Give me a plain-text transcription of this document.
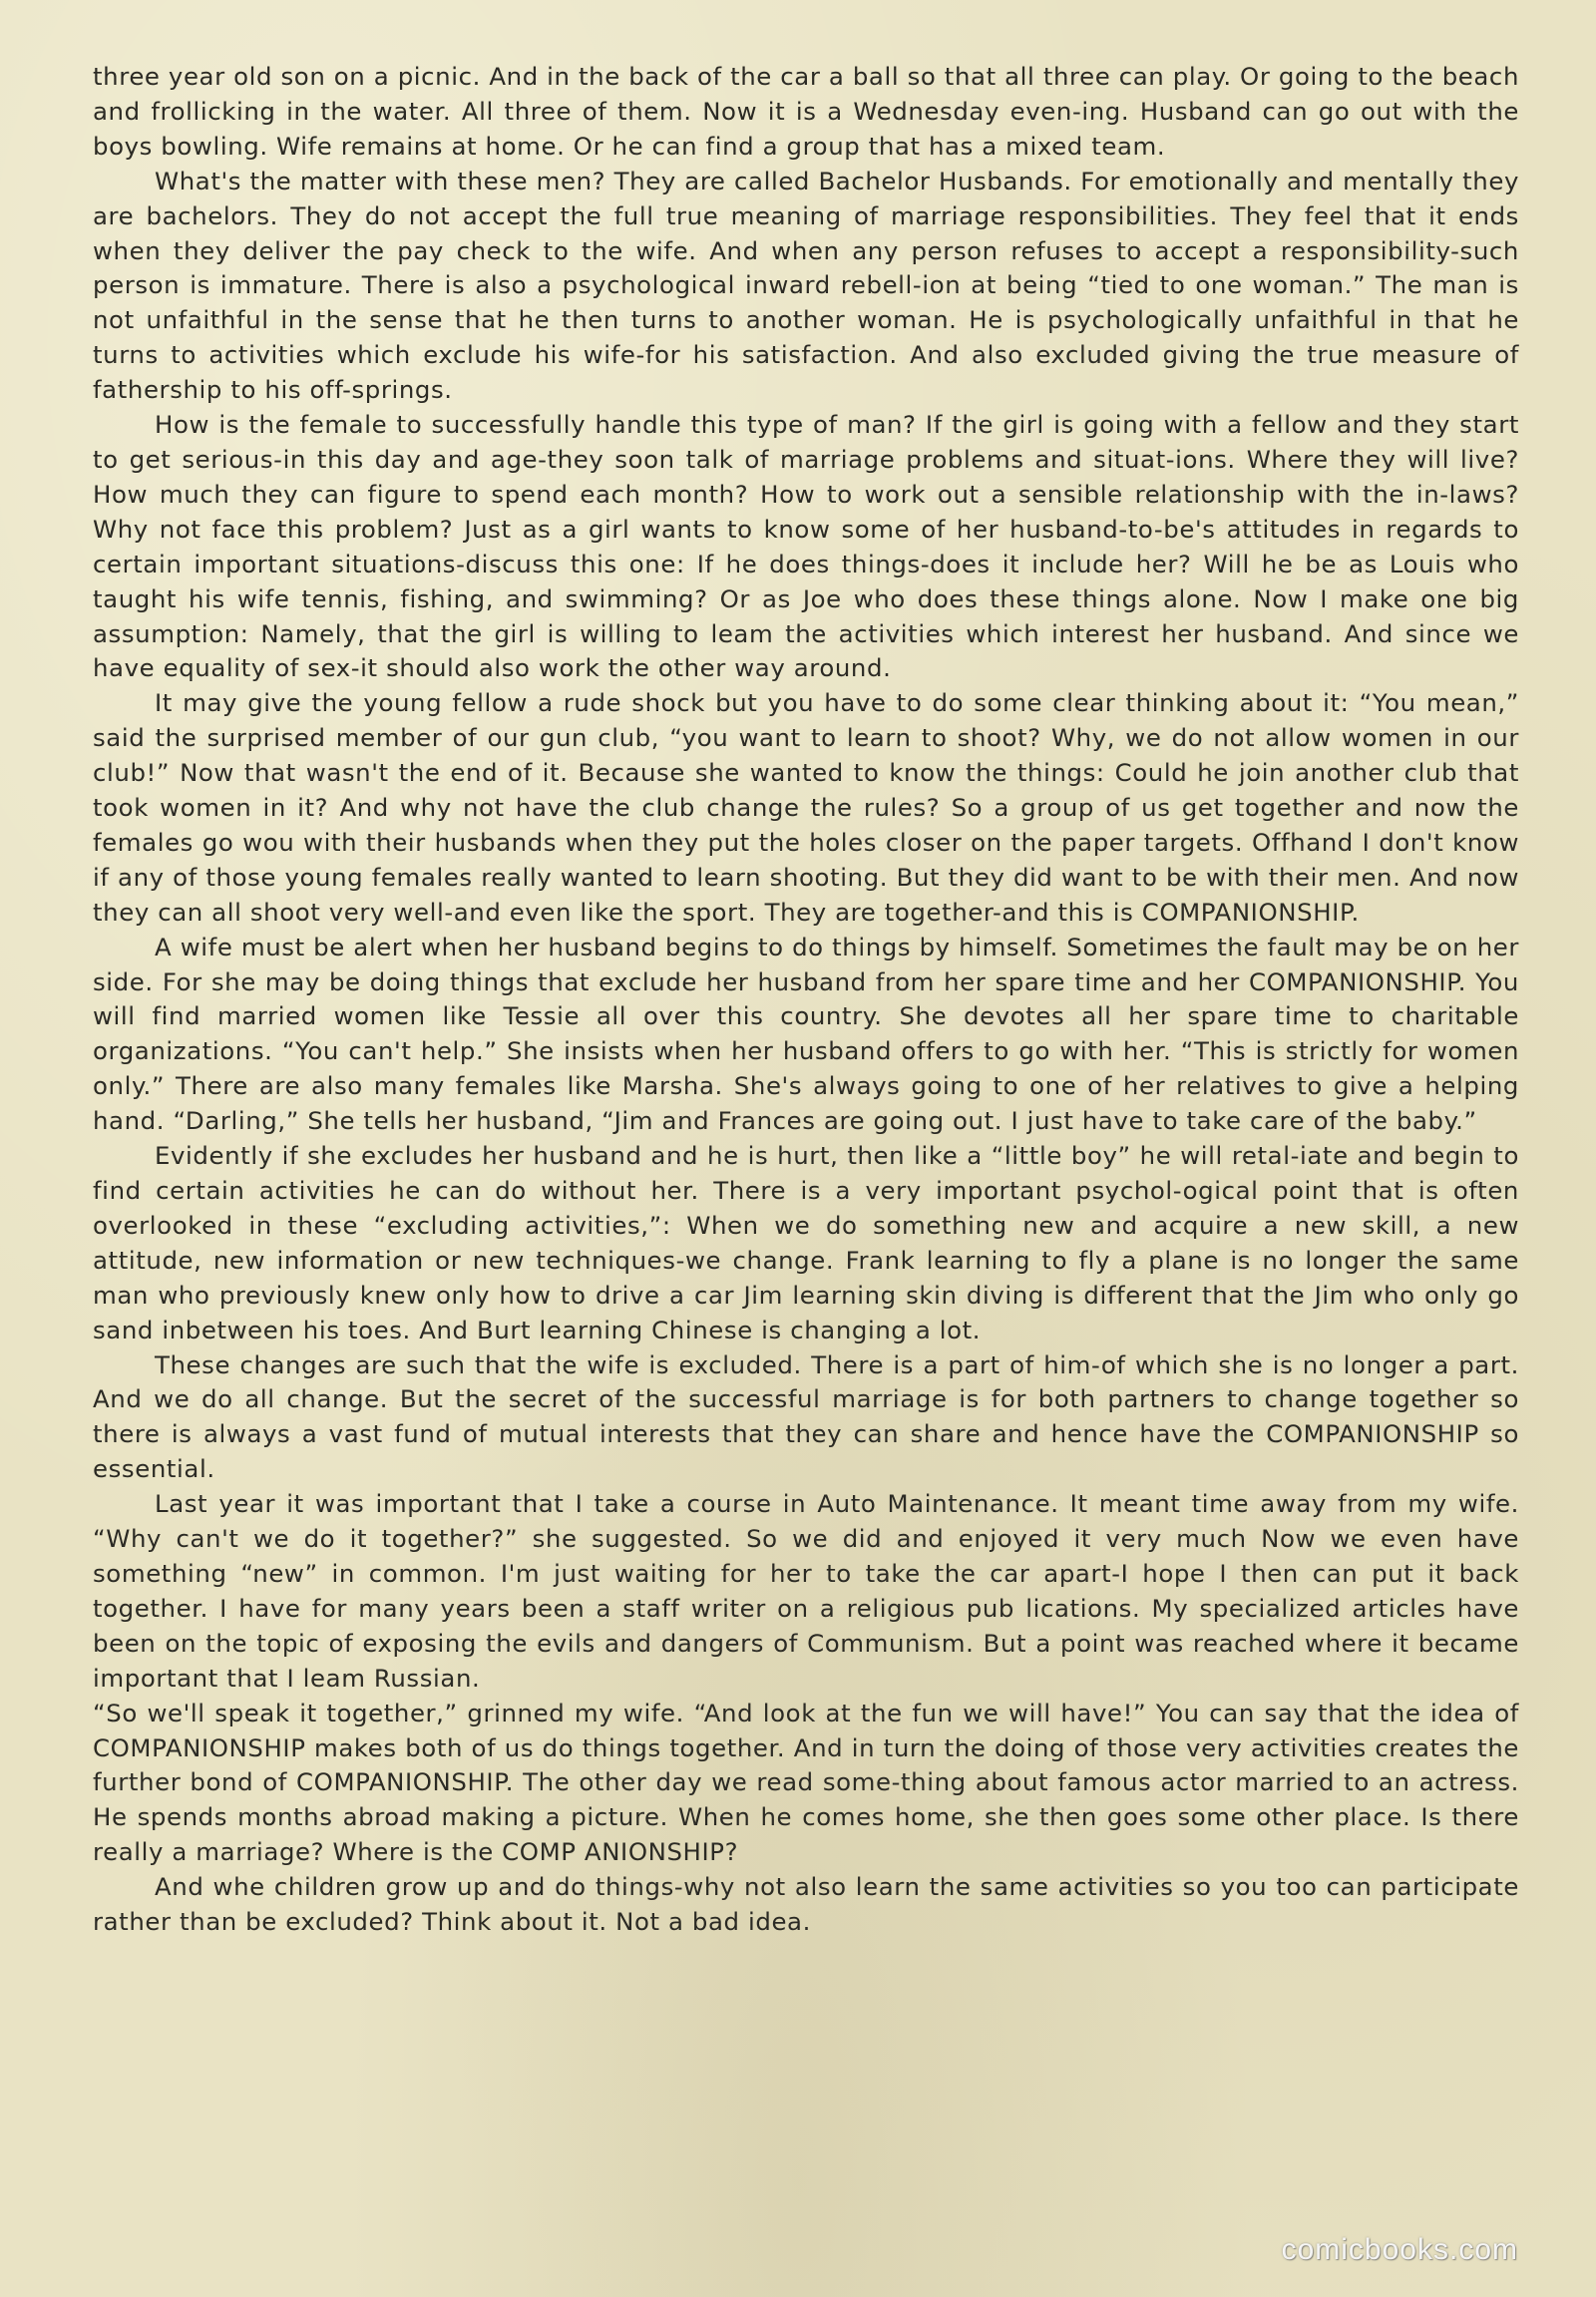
three year old son on a picnic. And in the back of the car a ball so that all three can play. Or going to the beach and frollicking in the water. All three of them. Now it is a Wednesday even-ing. Husband can go out with the boys bowling. Wife remains at home. Or he can find a group that has a mixed team.

What's the matter with these men? They are called Bachelor Husbands. For emotionally and mentally they are bachelors. They do not accept the full true meaning of marriage responsibilities. They feel that it ends when they deliver the pay check to the wife. And when any person refuses to accept a responsibility-such person is immature. There is also a psychological inward rebell-ion at being “tied to one woman.” The man is not unfaithful in the sense that he then turns to another woman. He is psychologically unfaithful in that he turns to activities which exclude his wife-for his satisfaction. And also excluded giving the true measure of fathership to his off-springs.

How is the female to successfully handle this type of man? If the girl is going with a fellow and they start to get serious-in this day and age-they soon talk of marriage problems and situat-ions. Where they will live? How much they can figure to spend each month? How to work out a sensible relationship with the in-laws? Why not face this problem? Just as a girl wants to know some of her husband-to-be's attitudes in regards to certain important situations-discuss this one: If he does things-does it include her? Will he be as Louis who taught his wife tennis, fishing, and swimming? Or as Joe who does these things alone. Now I make one big assumption: Namely, that the girl is willing to leam the activities which interest her husband. And since we have equality of sex-it should also work the other way around.

It may give the young fellow a rude shock but you have to do some clear thinking about it: “You mean,” said the surprised member of our gun club, “you want to learn to shoot? Why, we do not allow women in our club!” Now that wasn't the end of it. Because she wanted to know the things: Could he join another club that took women in it? And why not have the club change the rules? So a group of us get together and now the females go wou with their husbands when they put the holes closer on the paper targets. Offhand I don't know if any of those young females really wanted to learn shooting. But they did want to be with their men. And now they can all shoot very well-and even like the sport. They are together-and this is COMPANIONSHIP.

A wife must be alert when her husband begins to do things by himself. Sometimes the fault may be on her side. For she may be doing things that exclude her husband from her spare time and her COMPANIONSHIP. You will find married women like Tessie all over this country. She devotes all her spare time to charitable organizations. “You can't help.” She insists when her husband offers to go with her. “This is strictly for women only.” There are also many females like Marsha. She's always going to one of her relatives to give a helping hand. “Darling,” She tells her husband, “Jim and Frances are going out. I just have to take care of the baby.”

Evidently if she excludes her husband and he is hurt, then like a “little boy” he will retal-iate and begin to find certain activities he can do without her. There is a very important psychol-ogical point that is often overlooked in these “excluding activities,”: When we do something new and acquire a new skill, a new attitude, new information or new techniques-we change. Frank learning to fly a plane is no longer the same man who previously knew only how to drive a car Jim learning skin diving is different that the Jim who only go sand inbetween his toes. And Burt learning Chinese is changing a lot.

These changes are such that the wife is excluded. There is a part of him-of which she is no longer a part. And we do all change. But the secret of the successful marriage is for both partners to change together so there is always a vast fund of mutual interests that they can share and hence have the COMPANIONSHIP so essential.

Last year it was important that I take a course in Auto Maintenance. It meant time away from my wife. “Why can't we do it together?” she suggested. So we did and enjoyed it very much Now we even have something “new” in common. I'm just waiting for her to take the car apart-I hope I then can put it back together. I have for many years been a staff writer on a religious pub lications. My specialized articles have been on the topic of exposing the evils and dangers of Communism. But a point was reached where it became important that I leam Russian.

“So we'll speak it together,” grinned my wife. “And look at the fun we will have!” You can say that the idea of COMPANIONSHIP makes both of us do things together. And in turn the doing of those very activities creates the further bond of COMPANIONSHIP. The other day we read some-thing about famous actor married to an actress. He spends months abroad making a picture. When he comes home, she then goes some other place. Is there really a marriage? Where is the COMP ANIONSHIP?

And whe children grow up and do things-why not also learn the same activities so you too can participate rather than be excluded? Think about it. Not a bad idea.

comicbooks.com
